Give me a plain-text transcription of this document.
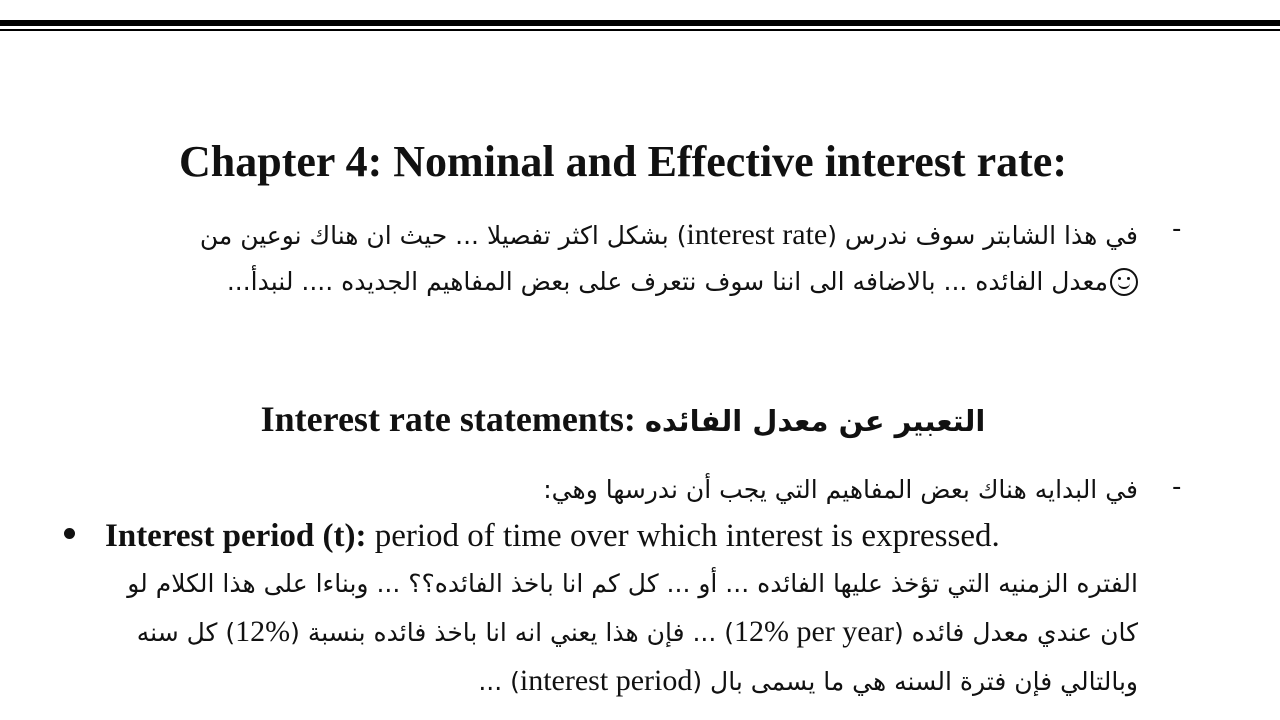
Chapter 4: Nominal and Effective interest rate:
-
في هذا الشابتر سوف ندرس (interest rate) بشكل اكثر تفصيلا ... حيث ان هناك نوعين من
معدل الفائده ... بالاضافه الى اننا سوف نتعرف على بعض المفاهيم الجديده .... لنبدأ...
Interest rate statements: التعبير عن معدل الفائده
-
في البدايه هناك بعض المفاهيم التي يجب أن ندرسها وهي:
Interest period (t): period of time over which interest is expressed.
الفتره الزمنيه التي تؤخذ عليها الفائده ... أو ... كل كم انا باخذ الفائده؟؟ ... وبناءا على هذا الكلام لو
كان عندي معدل فائده (12% per year) ... فإن هذا يعني انه انا باخذ فائده بنسبة (12%) كل سنه
وبالتالي فإن فترة السنه هي ما يسمى بال (interest period) ...
